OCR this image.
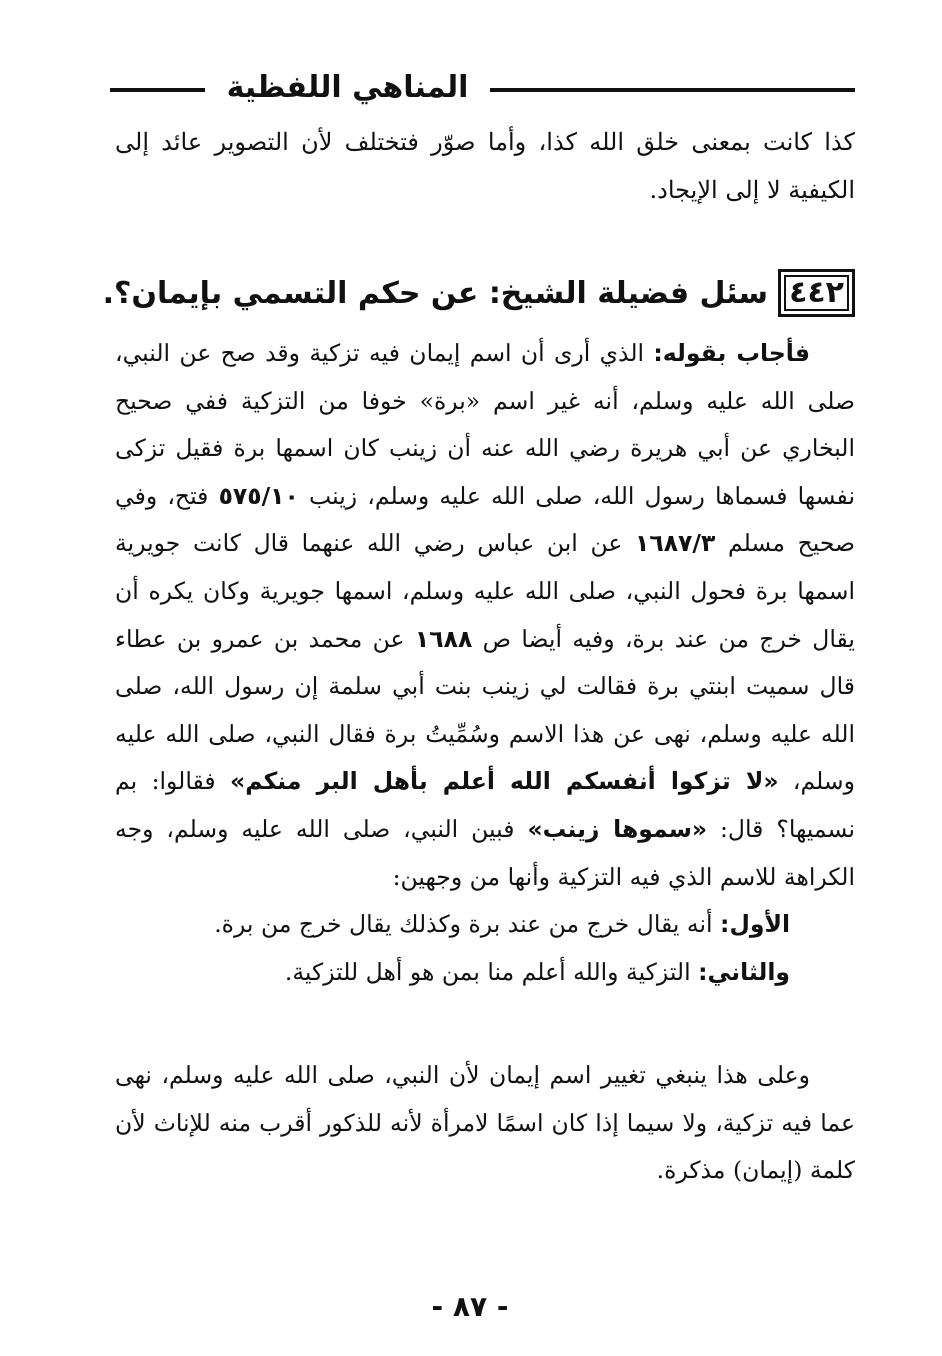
المناهي اللفظية
كذا كانت بمعنى خلق الله كذا، وأما صوّر فتختلف لأن التصوير عائد إلى الكيفية لا إلى الإيجاد.
٤٤٢
سئل فضيلة الشيخ: عن حكم التسمي بإيمان؟.

فأجاب بقوله: الذي أرى أن اسم إيمان فيه تزكية وقد صح عن النبي، صلى الله عليه وسلم، أنه غير اسم «برة» خوفا من التزكية ففي صحيح البخاري عن أبي هريرة رضي الله عنه أن زينب كان اسمها برة فقيل تزكى نفسها فسماها رسول الله، صلى الله عليه وسلم، زينب ٥٧٥/١٠ فتح، وفي صحيح مسلم ١٦٨٧/٣ عن ابن عباس رضي الله عنهما قال كانت جويرية اسمها برة فحول النبي، صلى الله عليه وسلم، اسمها جويرية وكان يكره أن يقال خرج من عند برة، وفيه أيضا ص ١٦٨٨ عن محمد بن عمرو بن عطاء قال سميت ابنتي برة فقالت لي زينب بنت أبي سلمة إن رسول الله، صلى الله عليه وسلم، نهى عن هذا الاسم وسُمِّيتُ برة فقال النبي، صلى الله عليه وسلم، «لا تزكوا أنفسكم الله أعلم بأهل البر منكم» فقالوا: بم نسميها؟ قال: «سموها زينب» فبين النبي، صلى الله عليه وسلم، وجه الكراهة للاسم الذي فيه التزكية وأنها من وجهين:

الأول: أنه يقال خرج من عند برة وكذلك يقال خرج من برة.

والثاني: التزكية والله أعلم منا بمن هو أهل للتزكية.

وعلى هذا ينبغي تغيير اسم إيمان لأن النبي، صلى الله عليه وسلم، نهى عما فيه تزكية، ولا سيما إذا كان اسمًا لامرأة لأنه للذكور أقرب منه للإناث لأن كلمة (إيمان) مذكرة.

- ٨٧ -
